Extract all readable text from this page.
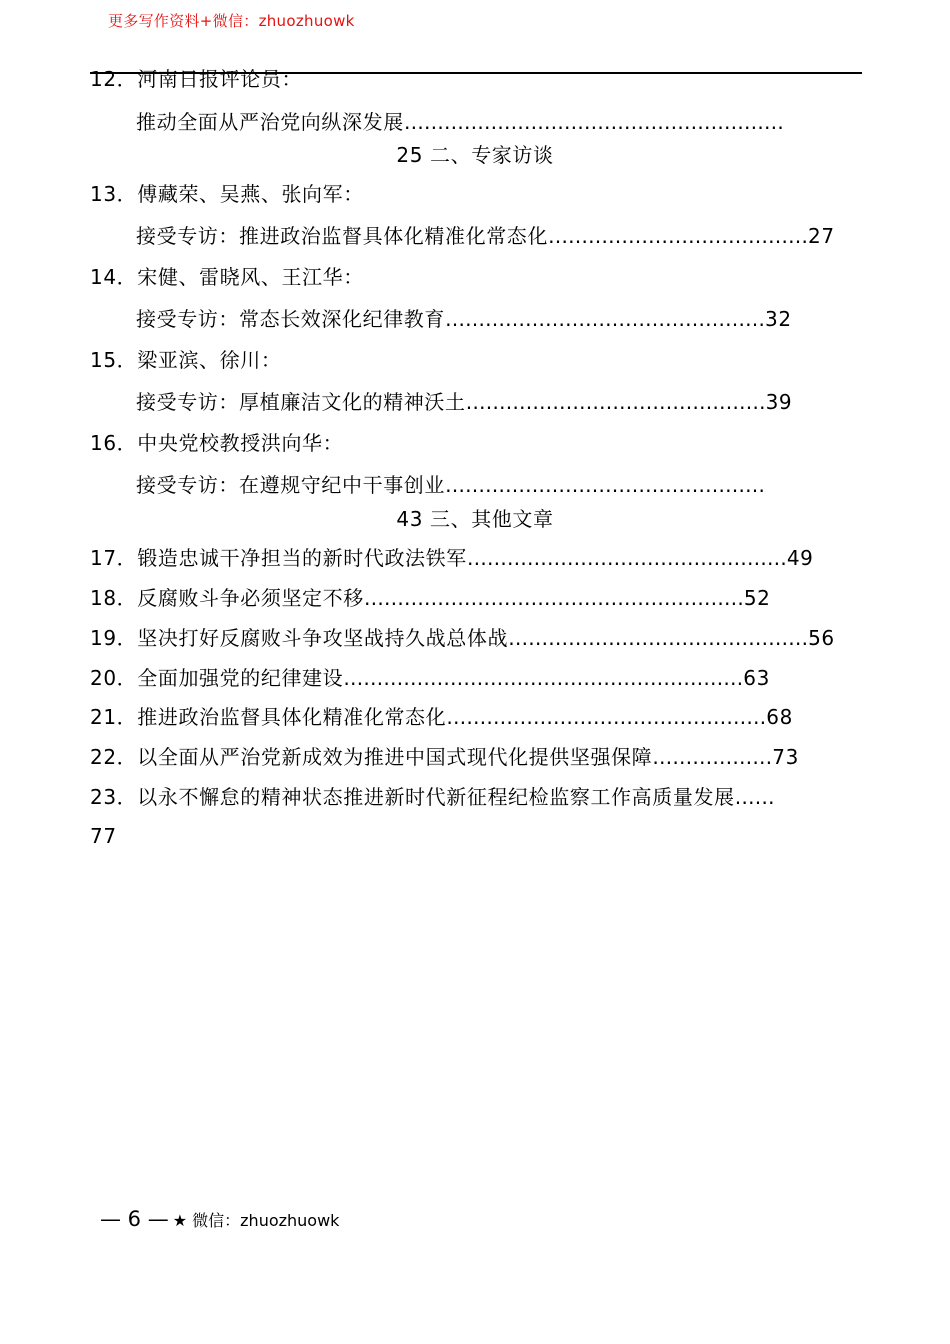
更多写作资料+微信：zhuozhuowk
12．河南日报评论员：
推动全面从严治党向纵深发展…………………………………………………
25 二、专家访谈
13．傅藏荣、吴燕、张向军：
接受专访：推进政治监督具体化精准化常态化…………………………………27
14．宋健、雷晓风、王江华：
接受专访：常态长效深化纪律教育…………………………………………32
15．梁亚滨、徐川：
接受专访：厚植廉洁文化的精神沃土………………………………………39
16．中央党校教授洪向华：
接受专访：在遵规守纪中干事创业…………………………………………
43 三、其他文章
17．锻造忠诚干净担当的新时代政法铁军…………………………………………49
18．反腐败斗争必须坚定不移…………………………………………………52
19．坚决打好反腐败斗争攻坚战持久战总体战………………………………………56
20．全面加强党的纪律建设……………………………………………………63
21．推进政治监督具体化精准化常态化…………………………………………68
22．以全面从严治党新成效为推进中国式现代化提供坚强保障………………73
23．以永不懈怠的精神状态推进新时代新征程纪检监察工作高质量发展……
77
— 6 — ★ 微信：zhuozhuowk
